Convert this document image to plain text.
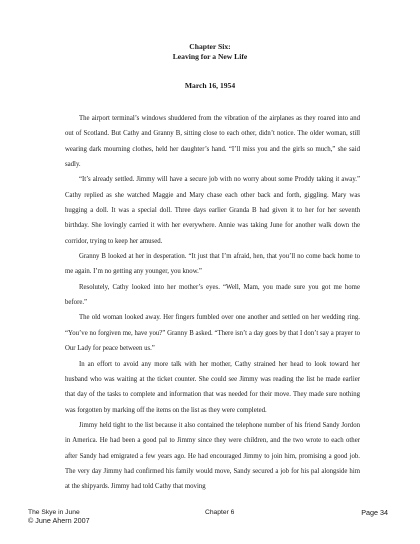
Chapter Six:
Leaving for a New Life
March 16, 1954

The airport terminal’s windows shuddered from the vibration of the airplanes as they roared into and out of Scotland. But Cathy and Granny B, sitting close to each other, didn’t notice. The older woman, still wearing dark mourning clothes, held her daughter’s hand. “I’ll miss you and the girls so much,” she said sadly.

“It’s already settled. Jimmy will have a secure job with no worry about some Proddy taking it away.” Cathy replied as she watched Maggie and Mary chase each other back and forth, giggling. Mary was hugging a doll. It was a special doll. Three days earlier Granda B had given it to her for her seventh birthday. She lovingly carried it with her everywhere. Annie was taking June for another walk down the corridor, trying to keep her amused.

Granny B looked at her in desperation. “It just that I’m afraid, hen, that you’ll no come back home to me again. I’m no getting any younger, you know.”

Resolutely, Cathy looked into her mother’s eyes. “Well, Mam, you made sure you got me home before.”

The old woman looked away. Her fingers fumbled over one another and settled on her wedding ring. “You’ve no forgiven me, have you?” Granny B asked. “There isn’t a day goes by that I don’t say a prayer to Our Lady for peace between us.”

In an effort to avoid any more talk with her mother, Cathy strained her head to look toward her husband who was waiting at the ticket counter. She could see Jimmy was reading the list he made earlier that day of the tasks to complete and information that was needed for their move. They made sure nothing was forgotten by marking off the items on the list as they were completed.

Jimmy held tight to the list because it also contained the telephone number of his friend Sandy Jordon in America. He had been a good pal to Jimmy since they were children, and the two wrote to each other after Sandy had emigrated a few years ago. He had encouraged Jimmy to join him, promising a good job. The very day Jimmy had confirmed his family would move, Sandy secured a job for his pal alongside him at the shipyards. Jimmy had told Cathy that moving

The Skye in June
© June Ahern 2007
Chapter 6	Page 34
